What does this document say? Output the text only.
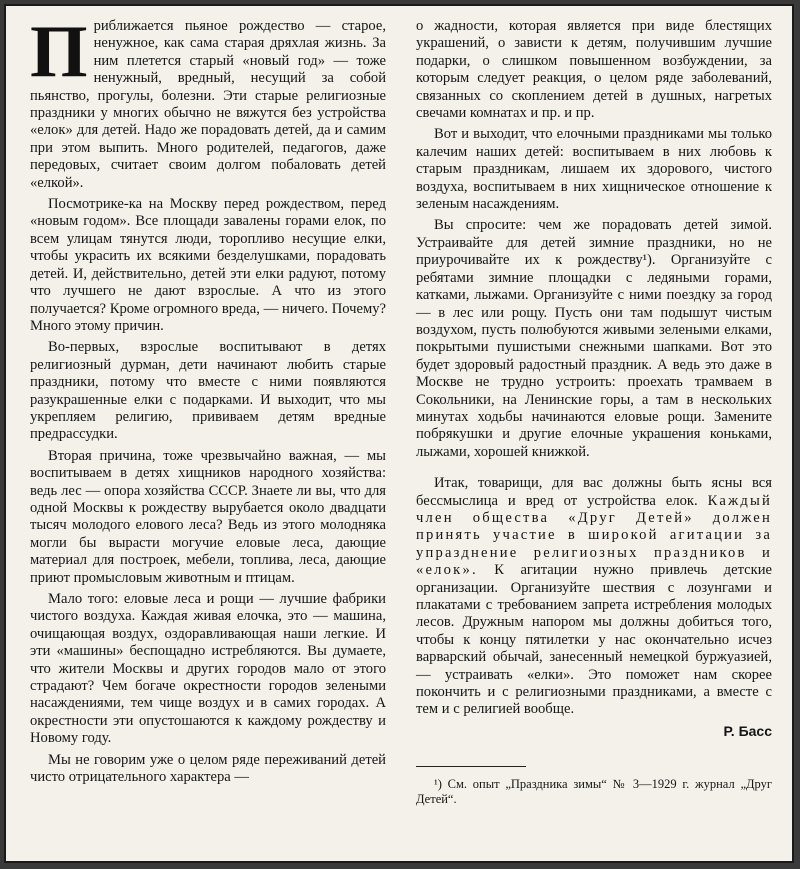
Приближается пьяное рождество — старое, ненужное, как сама старая дряхлая жизнь. За ним плетется старый «новый год» — тоже ненужный, вредный, несущий за собой пьянство, прогулы, болезни. Эти старые религиозные праздники у многих обычно не вяжутся без устройства «елок» для детей. Надо же порадовать детей, да и самим при этом выпить. Много родителей, педагогов, даже передовых, считает своим долгом побаловать детей «елкой».

Посмотрике-ка на Москву перед рождеством, перед «новым годом». Все площади завалены горами елок, по всем улицам тянутся люди, торопливо несущие елки, чтобы украсить их всякими безделушками, порадовать детей. И, действительно, детей эти елки радуют, потому что лучшего не дают взрослые. А что из этого получается? Кроме огромного вреда, — ничего. Почему? Много этому причин.

Во-первых, взрослые воспитывают в детях религиозный дурман, дети начинают любить старые праздники, потому что вместе с ними появляются разукрашенные елки с подарками. И выходит, что мы укрепляем религию, прививаем детям вредные предрассудки.

Вторая причина, тоже чрезвычайно важная, — мы воспитываем в детях хищников народного хозяйства: ведь лес — опора хозяйства СССР. Знаете ли вы, что для одной Москвы к рождеству вырубается около двадцати тысяч молодого елового леса? Ведь из этого молодняка могли бы вырасти могучие еловые леса, дающие материал для построек, мебели, топлива, леса, дающие приют промысловым животным и птицам.

Мало того: еловые леса и рощи — лучшие фабрики чистого воздуха. Каждая живая елочка, это — машина, очищающая воздух, оздоравливающая наши легкие. И эти «машины» беспощадно истребляются. Вы думаете, что жители Москвы и других городов мало от этого страдают? Чем богаче окрестности городов зелеными насаждениями, тем чище воздух и в самих городах. А окрестности эти опустошаются к каждому рождеству и Новому году.

Мы не говорим уже о целом ряде переживаний детей чисто отрицательного характера —

о жадности, которая является при виде блестящих украшений, о зависти к детям, получившим лучшие подарки, о слишком повышенном возбуждении, за которым следует реакция, о целом ряде заболеваний, связанных со скоплением детей в душных, нагретых свечами комнатах и пр. и пр.

Вот и выходит, что елочными праздниками мы только калечим наших детей: воспитываем в них любовь к старым праздникам, лишаем их здорового, чистого воздуха, воспитываем в них хищническое отношение к зеленым насаждениям.

Вы спросите: чем же порадовать детей зимой. Устраивайте для детей зимние праздники, но не приурочивайте их к рождеству¹). Организуйте с ребятами зимние площадки с ледяными горами, катками, лыжами. Организуйте с ними поездку за город — в лес или рощу. Пусть они там подышут чистым воздухом, пусть полюбуются живыми зелеными елками, покрытыми пушистыми снежными шапками. Вот это будет здоровый радостный праздник. А ведь это даже в Москве не трудно устроить: проехать трамваем в Сокольники, на Ленинские горы, а там в нескольких минутах ходьбы начинаются еловые рощи. Замените побрякушки и другие елочные украшения коньками, лыжами, хорошей книжкой.

Итак, товарищи, для вас должны быть ясны вся бессмыслица и вред от устройства елок. Каждый член общества «Друг Детей» должен принять участие в широкой агитации за упразднение религиозных праздников и «елок». К агитации нужно привлечь детские организации. Организуйте шествия с лозунгами и плакатами с требованием запрета истребления молодых лесов. Дружным напором мы должны добиться того, чтобы к концу пятилетки у нас окончательно исчез варварский обычай, занесенный немецкой буржуазией, — устраивать «елки». Это поможет нам скорее покончить и с религиозными праздниками, а вместе с тем и с религией вообще.

Р. Басс

¹) См. опыт „Праздника зимы“ № 3—1929 г. журнал „Друг Детей“.
